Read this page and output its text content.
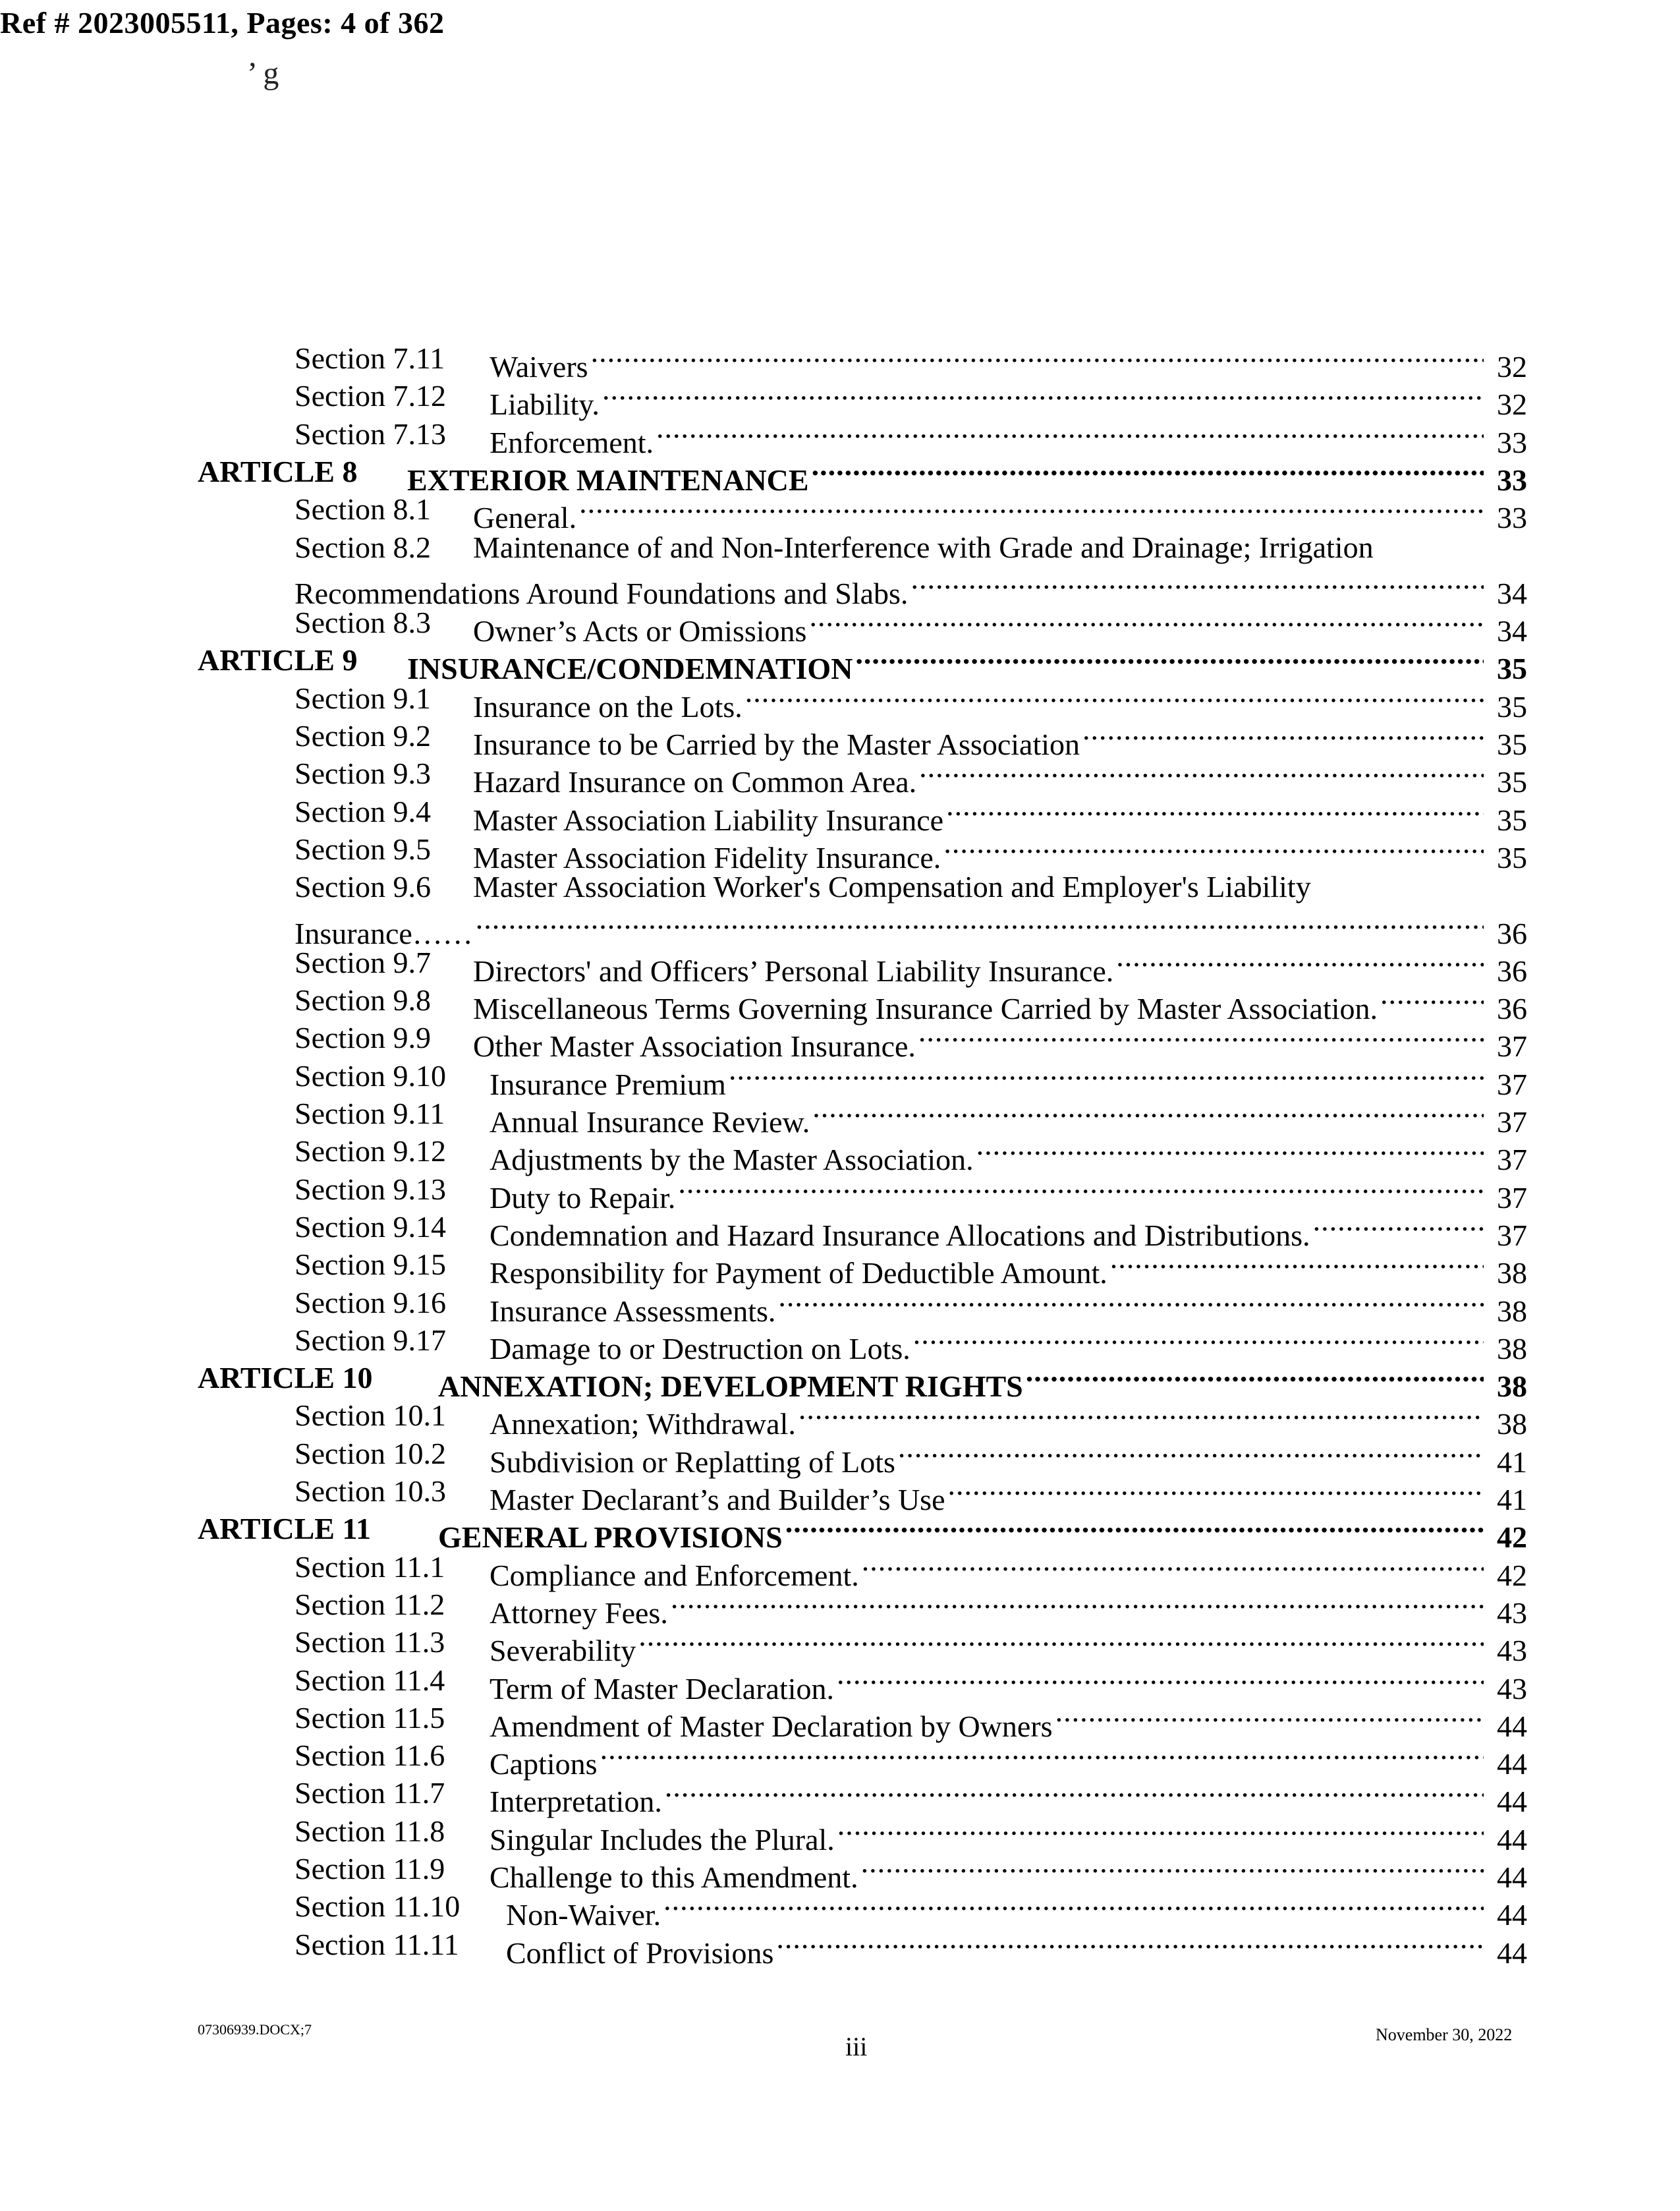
Ref # 2023005511, Pages: 4 of 362
’ g
Section 7.11 Waivers .....	32
Section 7.12 Liability. .....	32
Section 7.13 Enforcement. .....	33
ARTICLE 8 EXTERIOR MAINTENANCE .....	33
Section 8.1 General. .....	33
Section 8.2 Maintenance of and Non-Interference with Grade and Drainage; Irrigation
Recommendations Around Foundations and Slabs. .....	34
Section 8.3 Owner’s Acts or Omissions .....	34
ARTICLE 9 INSURANCE/CONDEMNATION .....	35
Section 9.1 Insurance on the Lots. .....	35
Section 9.2 Insurance to be Carried by the Master Association .....	35
Section 9.3 Hazard Insurance on Common Area. .....	35
Section 9.4 Master Association Liability Insurance .....	35
Section 9.5 Master Association Fidelity Insurance. .....	35
Section 9.6 Master Association Worker's Compensation and Employer's Liability
Insurance…… .....	36
Section 9.7 Directors' and Officers’ Personal Liability Insurance. .....	36
Section 9.8 Miscellaneous Terms Governing Insurance Carried by Master Association. .....	36
Section 9.9 Other Master Association Insurance. .....	37
Section 9.10 Insurance Premium .....	37
Section 9.11 Annual Insurance Review. .....	37
Section 9.12 Adjustments by the Master Association. .....	37
Section 9.13 Duty to Repair. .....	37
Section 9.14 Condemnation and Hazard Insurance Allocations and Distributions. .....	37
Section 9.15 Responsibility for Payment of Deductible Amount. .....	38
Section 9.16 Insurance Assessments. .....	38
Section 9.17 Damage to or Destruction on Lots. .....	38
ARTICLE 10 ANNEXATION; DEVELOPMENT RIGHTS .....	38
Section 10.1 Annexation; Withdrawal. .....	38
Section 10.2 Subdivision or Replatting of Lots .....	41
Section 10.3 Master Declarant’s and Builder’s Use .....	41
ARTICLE 11 GENERAL PROVISIONS .....	42
Section 11.1 Compliance and Enforcement. .....	42
Section 11.2 Attorney Fees. .....	43
Section 11.3 Severability .....	43
Section 11.4 Term of Master Declaration. .....	43
Section 11.5 Amendment of Master Declaration by Owners .....	44
Section 11.6 Captions .....	44
Section 11.7 Interpretation. .....	44
Section 11.8 Singular Includes the Plural. .....	44
Section 11.9 Challenge to this Amendment. .....	44
Section 11.10 Non-Waiver. .....	44
Section 11.11 Conflict of Provisions .....	44
07306939.DOCX;7
iii	November 30, 2022
